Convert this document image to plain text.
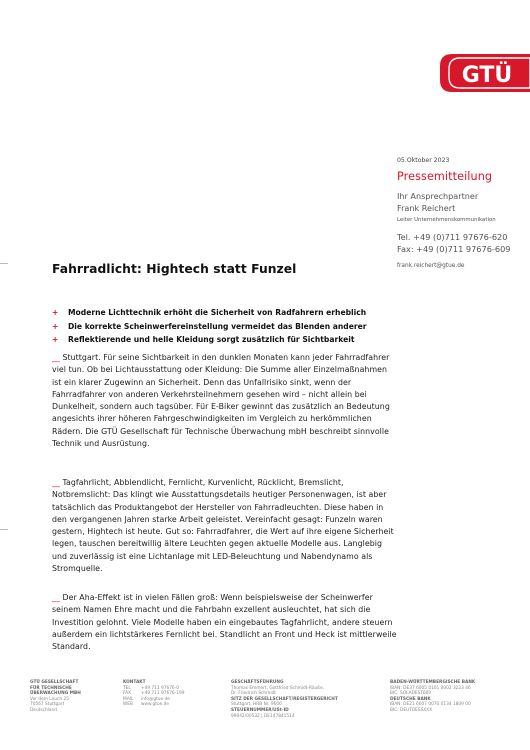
GTÜ
05.Oktober 2023
Pressemitteilung
Ihr Ansprechpartner
Frank Reichert
Leiter Unternehmenskommunikation
Tel. +49 (0)711 97676-620
Fax: +49 (0)711 97676-609
frank.reichert@gtue.de
Fahrradlicht: Hightech statt Funzel
+ Moderne Lichttechnik erhöht die Sicherheit von Radfahrern erheblich
+ Die korrekte Scheinwerfereinstellung vermeidet das Blenden anderer
+ Reflektierende und helle Kleidung sorgt zusätzlich für Sichtbarkeit
__ Stuttgart. Für seine Sichtbarkeit in den dunklen Monaten kann jeder Fahrradfahrer viel tun. Ob bei Lichtausstattung oder Kleidung: Die Summe aller Einzelmaßnahmen ist ein klarer Zugewinn an Sicherheit. Denn das Unfallrisiko sinkt, wenn der Fahrradfahrer von anderen Verkehrsteilnehmern gesehen wird – nicht allein bei Dunkelheit, sondern auch tagsüber. Für E-Biker gewinnt das zusätzlich an Bedeutung angesichts ihrer höheren Fahrgeschwindigkeiten im Vergleich zu herkömmlichen Rädern. Die GTÜ Gesellschaft für Technische Überwachung mbH beschreibt sinnvolle Technik und Ausrüstung.
__ Tagfahrlicht, Abblendlicht, Fernlicht, Kurvenlicht, Rücklicht, Bremslicht, Notbremslicht: Das klingt wie Ausstattungsdetails heutiger Personenwagen, ist aber tatsächlich das Produktangebot der Hersteller von Fahrradleuchten. Diese haben in den vergangenen Jahren starke Arbeit geleistet. Vereinfacht gesagt: Funzeln waren gestern, Hightech ist heute. Gut so: Fahrradfahrer, die Wert auf ihre eigene Sicherheit legen, tauschen bereitwillig ältere Leuchten gegen aktuelle Modelle aus. Langlebig und zuverlässig ist eine Lichtanlage mit LED-Beleuchtung und Nabendynamo als Stromquelle.
__ Der Aha-Effekt ist in vielen Fällen groß: Wenn beispielsweise der Scheinwerfer seinem Namen Ehre macht und die Fahrbahn exzellent ausleuchtet, hat sich die Investition gelohnt. Viele Modelle haben ein eingebautes Tagfahrlicht, andere steuern außerdem ein lichtstärkeres Fernlicht bei. Standlicht an Front und Heck ist mittlerweile Standard.
GTÜ GESELLSCHAFT
FÜR TECHNISCHE
ÜBERWACHUNG MBH
Vor dem Lauch 25
70567 Stuttgart
Deutschland
KONTAKT
TEL +49 711 97676-0
FAX +49 711 97676-199
MAIL info@gtue.de
WEB www.gtue.de
GESCHÄFTSFÜHRUNG
Thomas Emmert, Gottfried Schmidt-Räuße,
Dr. Friedrich Schmidt
SITZ DER GESELLSCHAFT/REGISTERGERICHT
Stuttgart, HRB Nr. 9606
STEUERNUMMER/USt-ID
99042/00532 | DE147841514
BADEN-WÜRTTEMBERGISCHE BANK
IBAN: DE37 6005 0101 0002 3223 46
BIC: SOLADEST600
DEUTSCHE BANK
IBAN: DE21 6007 0070 0134 1809 00
BIC: DEUTDESSXXX
